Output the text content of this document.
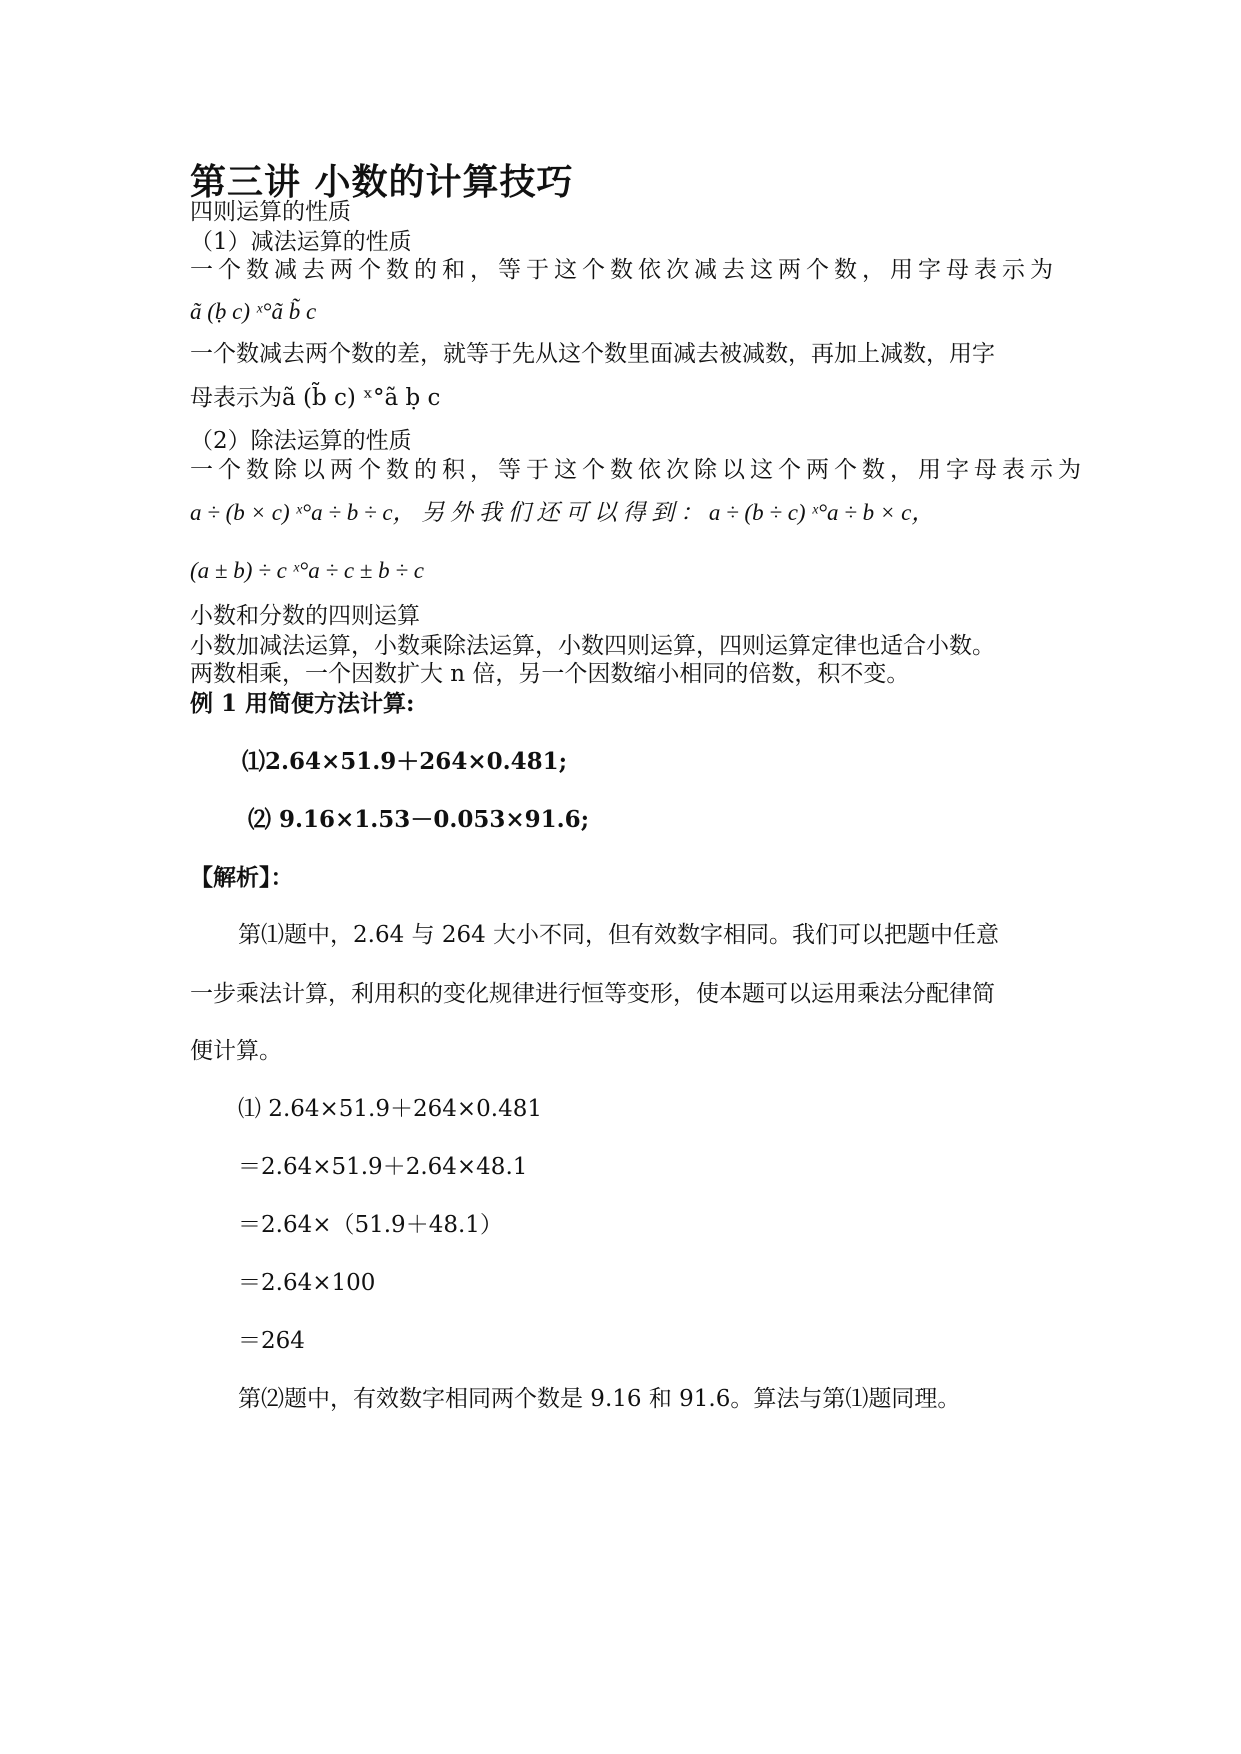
第三讲 小数的计算技巧
四则运算的性质
（1）减法运算的性质
一个数减去两个数的和，等于这个数依次减去这两个数，用字母表示为
ã (ḅ c) ˣ°ã b̃ c
一个数减去两个数的差，就等于先从这个数里面减去被减数，再加上减数，用字
母表示为ã (b̃ c) ˣ°ã ḅ c
（2）除法运算的性质
一个数除以两个数的积，等于这个数依次除以这个两个数，用字母表示为
a ÷ (b × c) ˣ°a ÷ b ÷ c， 另 外 我 们 还 可 以 得 到 ： a ÷ (b ÷ c) ˣ°a ÷ b × c，
(a ± b) ÷ c ˣ°a ÷ c ± b ÷ c
小数和分数的四则运算
小数加减法运算，小数乘除法运算，小数四则运算，四则运算定律也适合小数。
两数相乘，一个因数扩大 n 倍，另一个因数缩小相同的倍数，积不变。
例 1 用简便方法计算:
⑴2.64×51.9＋264×0.481;
⑵ 9.16×1.53－0.053×91.6;
【解析】：
第⑴题中，2.64 与 264 大小不同，但有效数字相同。我们可以把题中任意
一步乘法计算，利用积的变化规律进行恒等变形，使本题可以运用乘法分配律简
便计算。
⑴ 2.64×51.9＋264×0.481
＝2.64×51.9＋2.64×48.1
＝2.64×（51.9＋48.1）
＝2.64×100
＝264
第⑵题中，有效数字相同两个数是 9.16 和 91.6。算法与第⑴题同理。
